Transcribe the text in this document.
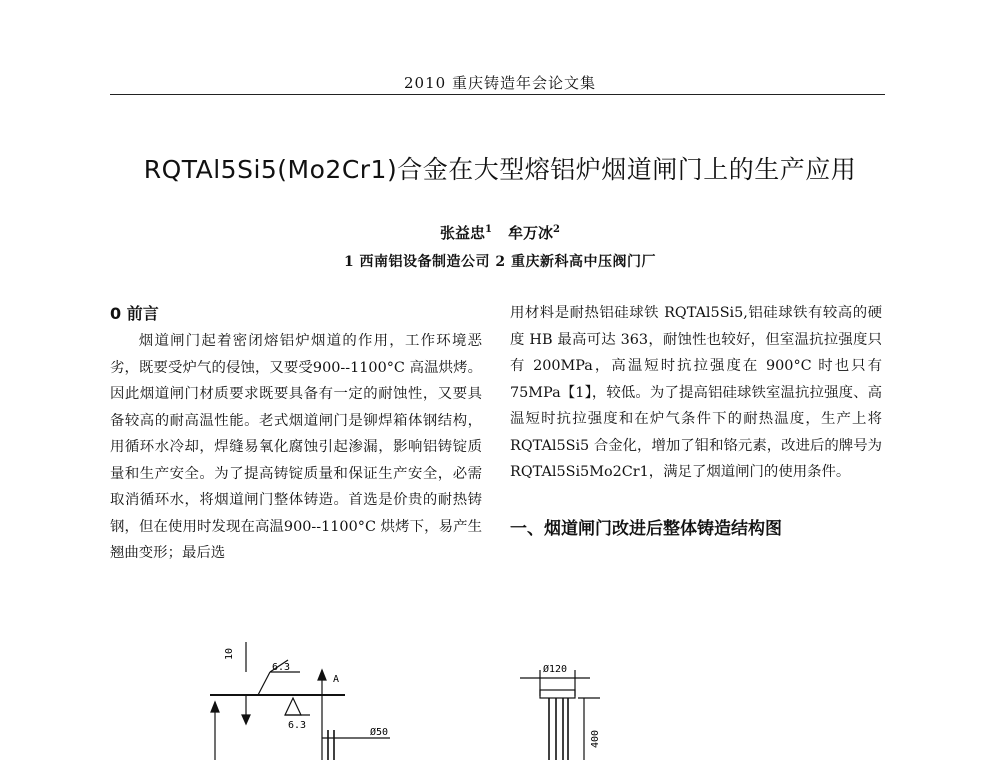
2010 重庆铸造年会论文集
RQTAl5Si5(Mo2Cr1)合金在大型熔铝炉烟道闸门上的生产应用
张益忠$^1$ 牟万冰$^2$
1 西南铝设备制造公司 2 重庆新科高中压阀门厂
0 前言

烟道闸门起着密闭熔铝炉烟道的作用，工作环境恶劣，既要受炉气的侵蚀，又要受900--1100°C 高温烘烤。因此烟道闸门材质要求既要具备有一定的耐蚀性，又要具备较高的耐高温性能。老式烟道闸门是铆焊箱体钢结构，用循环水冷却，焊缝易氧化腐蚀引起渗漏，影响铝铸锭质量和生产安全。为了提高铸锭质量和保证生产安全，必需取消循环水，将烟道闸门整体铸造。首选是价贵的耐热铸钢，但在使用时发现在高温900--1100°C 烘烤下，易产生翘曲变形；最后选

用材料是耐热铝硅球铁 RQTAl5Si5,铝硅球铁有较高的硬度 HB 最高可达 363，耐蚀性也较好，但室温抗拉强度只有 200MPa，高温短时抗拉强度在 900°C 时也只有 75MPa【1】，较低。为了提高铝硅球铁室温抗拉强度、高温短时抗拉强度和在炉气条件下的耐热温度，生产上将 RQTAl5Si5 合金化，增加了钼和铬元素，改进后的牌号为 RQTAl5Si5Mo2Cr1，满足了烟道闸门的使用条件。

一、烟道闸门改进后整体铸造结构图
10
6.3
6.3
A
Ø50
Ø120
400
